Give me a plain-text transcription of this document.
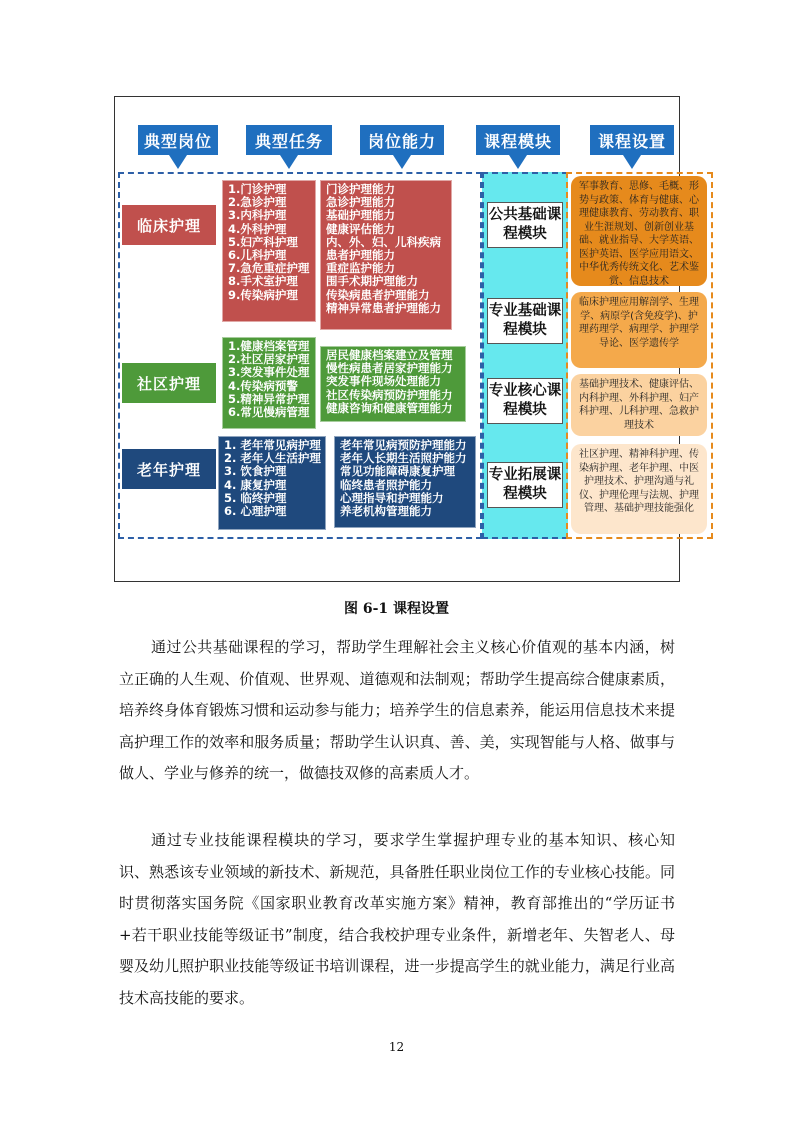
典型岗位	典型任务	岗位能力	课程模块	课程设置
临床护理
社区护理
老年护理
1.门诊护理
2.急诊护理
3.内科护理
4.外科护理
5.妇产科护理
6.儿科护理
7.急危重症护理
8.手术室护理
9.传染病护理
门诊护理能力
急诊护理能力
基础护理能力
健康评估能力
内、外、妇、儿科疾病
患者护理能力
重症监护能力
围手术期护理能力
传染病患者护理能力
精神异常患者护理能力
1.健康档案管理
2.社区居家护理
3.突发事件处理
4.传染病预警
5.精神异常护理
6.常见慢病管理
居民健康档案建立及管理
慢性病患者居家护理能力
突发事件现场处理能力
社区传染病预防护理能力
健康咨询和健康管理能力
1. 老年常见病护理
2. 老年人生活护理
3. 饮食护理
4. 康复护理
5. 临终护理
6. 心理护理
老年常见病预防护理能力
老年人长期生活照护能力
常见功能障碍康复护理
临终患者照护能力
心理指导和护理能力
养老机构管理能力
公共基础课程模块
专业基础课程模块
专业核心课程模块
专业拓展课程模块
军事教育、思修、毛概、形势与政策、体育与健康、心理健康教育、劳动教育、职业生涯规划、创新创业基础、就业指导、大学英语、医护英语、医学应用语文、中华优秀传统文化、艺术鉴赏、信息技术
临床护理应用解剖学、生理学、病原学(含免疫学)、护理药理学、病理学、护理学导论、医学遗传学
基础护理技术、健康评估、内科护理、外科护理、妇产科护理、儿科护理、急救护理技术
社区护理、精神科护理、传染病护理、老年护理、中医护理技术、护理沟通与礼仪、护理伦理与法规、护理管理、基础护理技能强化
图 6-1 课程设置

通过公共基础课程的学习，帮助学生理解社会主义核心价值观的基本内涵，树立正确的人生观、价值观、世界观、道德观和法制观；帮助学生提高综合健康素质，培养终身体育锻炼习惯和运动参与能力；培养学生的信息素养，能运用信息技术来提高护理工作的效率和服务质量；帮助学生认识真、善、美，实现智能与人格、做事与做人、学业与修养的统一，做德技双修的高素质人才。

通过专业技能课程模块的学习，要求学生掌握护理专业的基本知识、核心知识、熟悉该专业领域的新技术、新规范，具备胜任职业岗位工作的专业核心技能。同时贯彻落实国务院《国家职业教育改革实施方案》精神，教育部推出的“学历证书+若干职业技能等级证书”制度，结合我校护理专业条件，新增老年、失智老人、母婴及幼儿照护职业技能等级证书培训课程，进一步提高学生的就业能力，满足行业高技术高技能的要求。

12
